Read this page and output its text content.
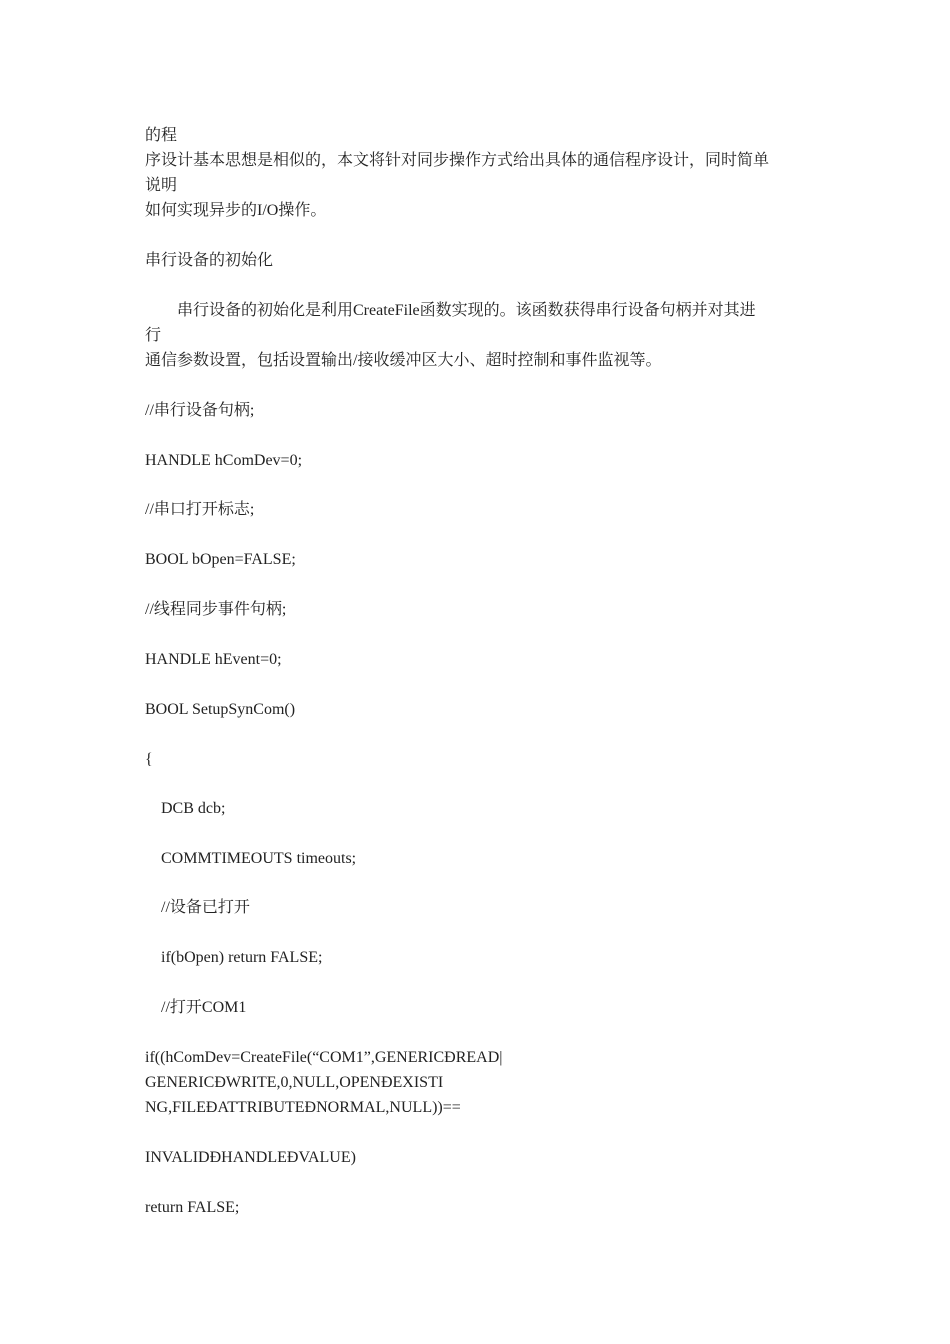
的程

序设计基本思想是相似的，本文将针对同步操作方式给出具体的通信程序设计，同时简单

说明

如何实现异步的I/O操作。

串行设备的初始化

　　串行设备的初始化是利用CreateFile函数实现的。该函数获得串行设备句柄并对其进

行

通信参数设置，包括设置输出/接收缓冲区大小、超时控制和事件监视等。

//串行设备句柄;

HANDLE hComDev=0;

//串口打开标志;

BOOL bOpen=FALSE;

//线程同步事件句柄;

HANDLE hEvent=0;

BOOL SetupSynCom()

{

DCB dcb;

COMMTIMEOUTS timeouts;

//设备已打开

if(bOpen) return FALSE;

//打开COM1

if((hComDev=CreateFile(“COM1”,GENERICĐREAD|

GENERICĐWRITE,0,NULL,OPENĐEXISTI

NG,FILEĐATTRIBUTEĐNORMAL,NULL))==

INVALIDĐHANDLEĐVALUE)

return FALSE;
